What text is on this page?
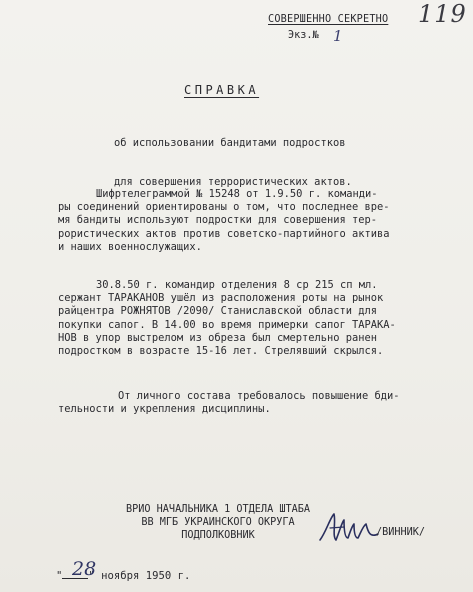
119
СОВЕРШЕННО СЕКРЕТНО
Экз.№ 1
СПРАВКА

об использовании бандитами подростков

для совершения террористических актов.

Шифртелеграммой № 15248 от 1.9.50 г. команди-
ры соединений ориентированы о том, что последнее вре-
мя бандиты используют подростки для совершения тер-
рористических актов против советско-партийного актива
и наших военнослужащих.
30.8.50 г. командир отделения 8 ср 215 сп мл.
сержант ТАРАКАНОВ ушёл из расположения роты на рынок
райцентра РОЖНЯТОВ /2090/ Станиславской области для
покупки сапог. В 14.00 во время примерки сапог ТАРАКА-
НОВ в упор выстрелом из обреза был смертельно ранен
подростком в возрасте 15-16 лет. Стрелявший скрылся.
От личного состава требовалось повышение бди-
тельности и укрепления дисциплины.
ВРИО НАЧАЛЬНИКА 1 ОТДЕЛА ШТАБА
ВВ МГБ УКРАИНСКОГО ОКРУГА
ПОДПОЛКОВНИК	/ВИННИК/
" " ноября 1950 г.
28
